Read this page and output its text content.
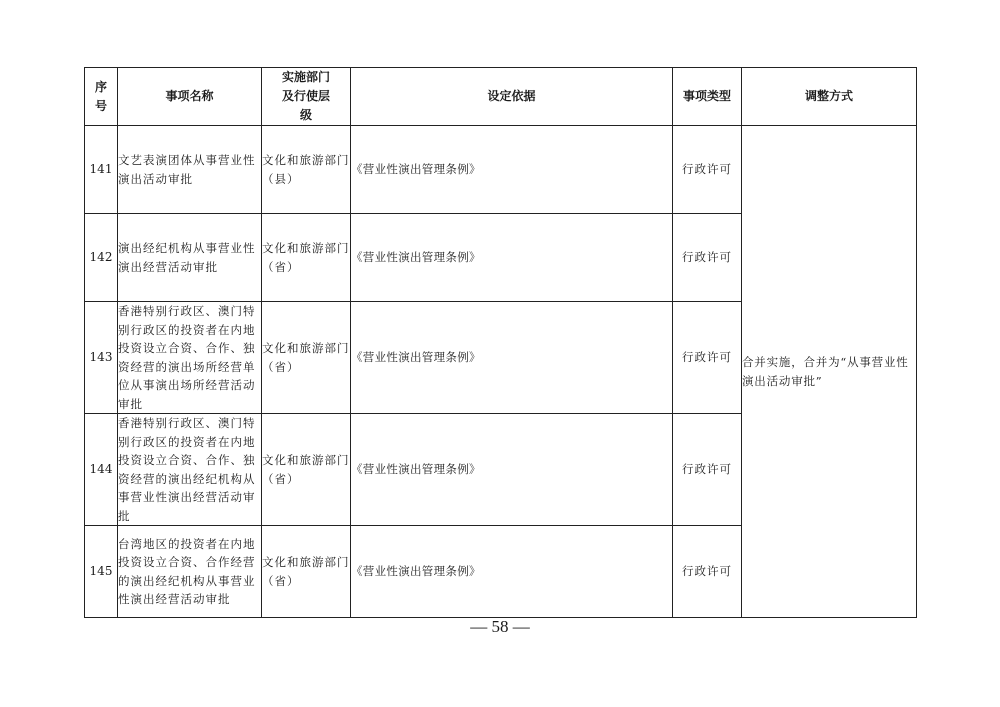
序号	事项名称	实施部门及行使层级	设定依据	事项类型	调整方式
141	文艺表演团体从事营业性演出活动审批	文化和旅游部门（县）	《营业性演出管理条例》	行政许可	合并实施，合并为“从事营业性演出活动审批”
142	演出经纪机构从事营业性演出经营活动审批	文化和旅游部门（省）	《营业性演出管理条例》	行政许可	
143	香港特别行政区、澳门特别行政区的投资者在内地投资设立合资、合作、独资经营的演出场所经营单位从事演出场所经营活动审批	文化和旅游部门（省）	《营业性演出管理条例》	行政许可	
144	香港特别行政区、澳门特别行政区的投资者在内地投资设立合资、合作、独资经营的演出经纪机构从事营业性演出经营活动审批	文化和旅游部门（省）	《营业性演出管理条例》	行政许可	
145	台湾地区的投资者在内地投资设立合资、合作经营的演出经纪机构从事营业性演出经营活动审批	文化和旅游部门（省）	《营业性演出管理条例》	行政许可	
— 58 —
